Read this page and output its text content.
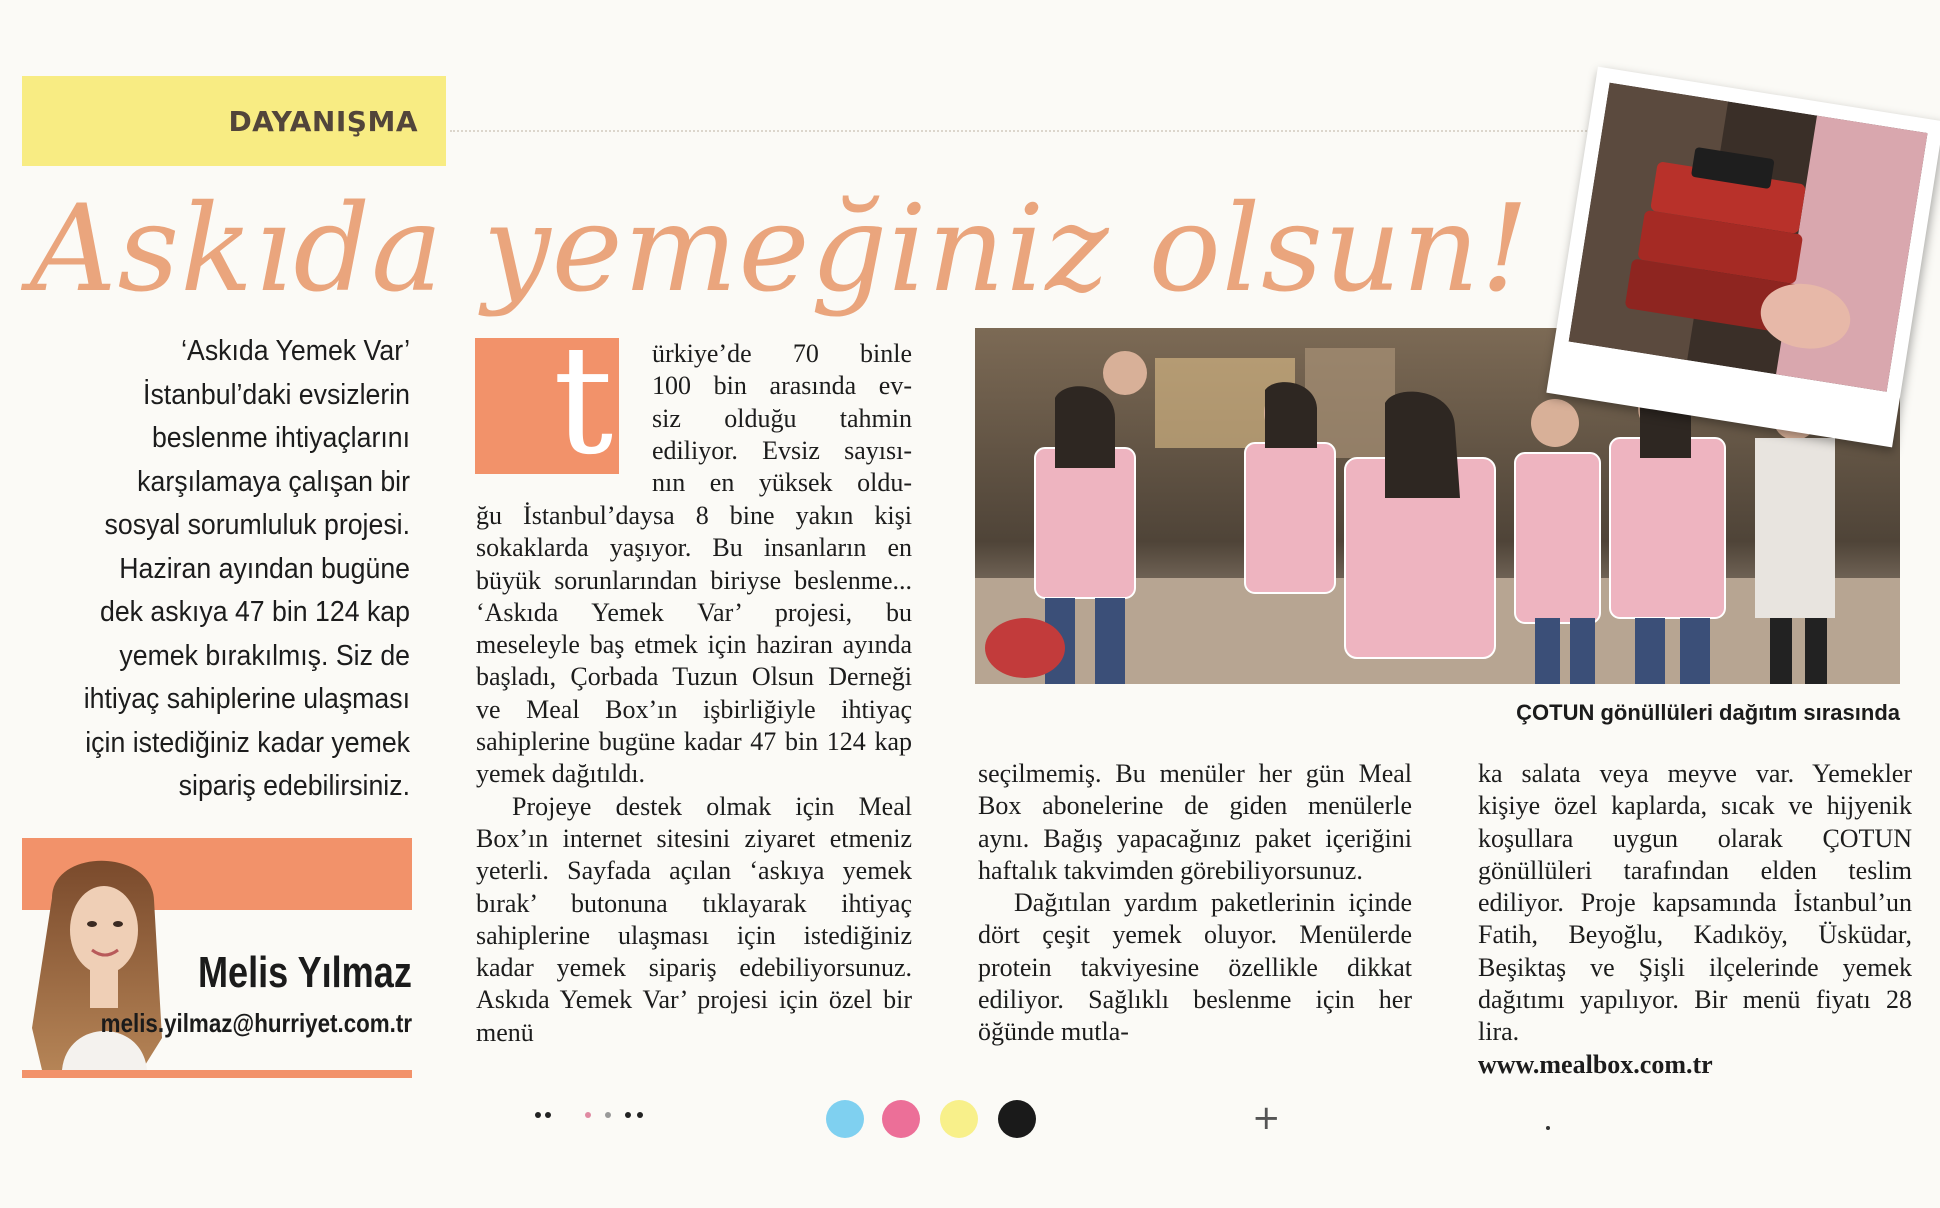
DAYANIŞMA
Askıda yemeğiniz olsun!
‘Askıda Yemek Var’
İstanbul’daki evsizlerin
beslenme ihtiyaçlarını
karşılamaya çalışan bir
sosyal sorumluluk projesi.
Haziran ayından bugüne
dek askıya 47 bin 124 kap
yemek bırakılmış. Siz de
ihtiyaç sahiplerine ulaşması
için istediğiniz kadar yemek
sipariş edebilirsiniz.
Melis Yılmaz
melis.yilmaz@hurriyet.com.tr
t ürkiye’de 70 binle
100 bin arasında ev-
siz olduğu tahmin
ediliyor. Evsiz sayısı-
nın en yüksek oldu-

ğu İstanbul’daysa 8 bine yakın kişi sokaklarda yaşıyor. Bu insanların en büyük sorunlarından biriyse beslenme... ‘Askıda Yemek Var’ projesi, bu meseleyle baş etmek için haziran ayında başladı, Çorbada Tuzun Olsun Derneği ve Meal Box’ın işbirliğiyle ihtiyaç sahiplerine bugüne kadar 47 bin 124 kap yemek dağıtıldı.

Projeye destek olmak için Meal Box’ın internet sitesini ziyaret etmeniz yeterli. Sayfada açılan ‘askıya yemek bırak’ butonuna tıklayarak ihtiyaç sahiplerine ulaşması için istediğiniz kadar yemek sipariş edebiliyorsunuz. Askıda Yemek Var’ projesi için özel bir menü

ÇOTUN gönüllüleri dağıtım sırasında

seçilmemiş. Bu menüler her gün Meal Box abonelerine de giden menülerle aynı. Bağış yapacağınız paket içeriğini haftalık takvimden görebiliyorsunuz.

Dağıtılan yardım paketlerinin içinde dört çeşit yemek oluyor. Menülerde protein takviyesine özellikle dikkat ediliyor. Sağlıklı beslenme için her öğünde mutla-

ka salata veya meyve var. Yemekler kişiye özel kaplarda, sıcak ve hijyenik koşullara uygun olarak ÇOTUN gönüllüleri tarafından elden teslim ediliyor. Proje kapsamında İstanbul’un Fatih, Beyoğlu, Kadıköy, Üsküdar, Beşiktaş ve Şişli ilçelerinde yemek dağıtımı yapılıyor. Bir menü fiyatı 28 lira.

www.mealbox.com.tr
+
